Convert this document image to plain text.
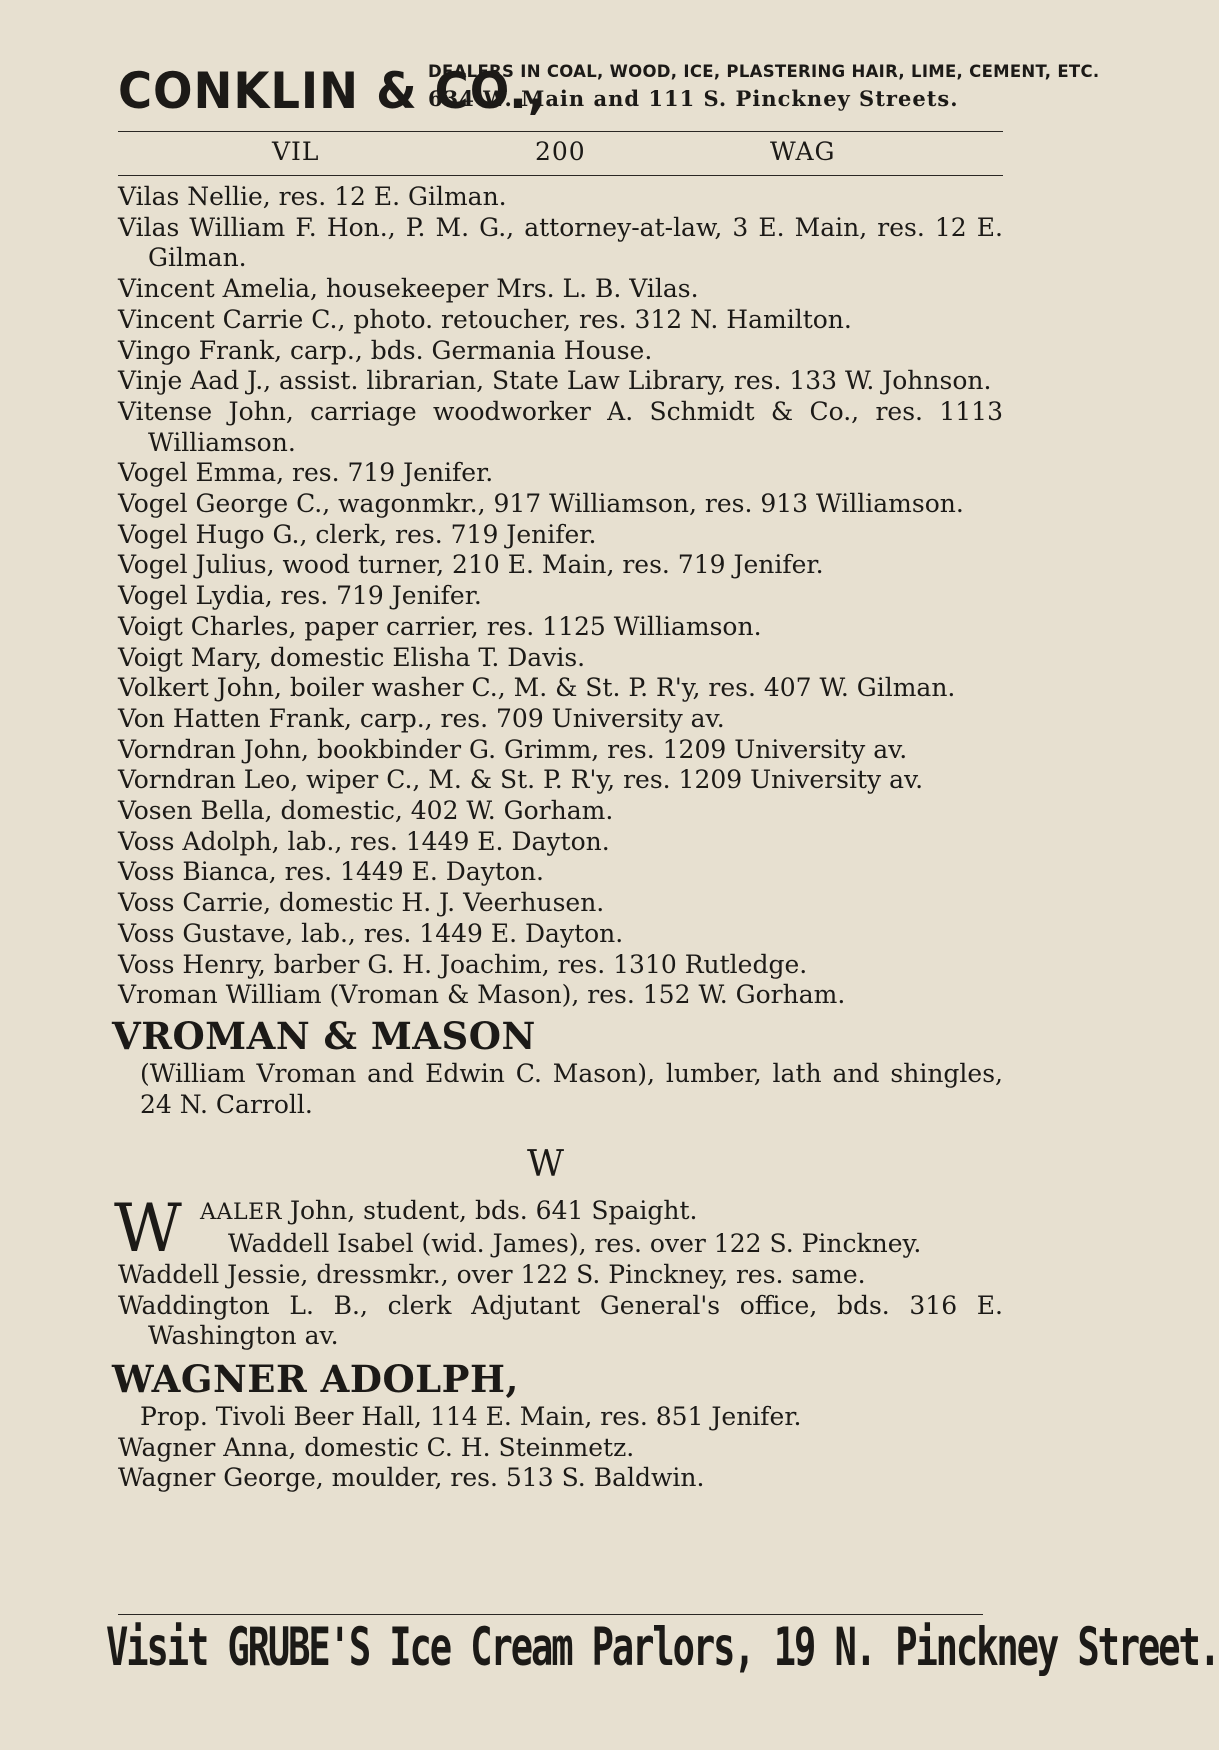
CONKLIN & CO.,
DEALERS IN COAL, WOOD, ICE, PLASTERING HAIR, LIME, CEMENT, ETC.
634 W. Main and 111 S. Pinckney Streets.
VIL	200	WAG
Vilas Nellie, res. 12 E. Gilman.
Vilas William F. Hon., P. M. G., attorney-at-law, 3 E. Main, res. 12 E. Gilman.
Vincent Amelia, housekeeper Mrs. L. B. Vilas.
Vincent Carrie C., photo. retoucher, res. 312 N. Hamilton.
Vingo Frank, carp., bds. Germania House.
Vinje Aad J., assist. librarian, State Law Library, res. 133 W. Johnson.
Vitense John, carriage woodworker A. Schmidt & Co., res. 1113 Williamson.
Vogel Emma, res. 719 Jenifer.
Vogel George C., wagonmkr., 917 Williamson, res. 913 Williamson.
Vogel Hugo G., clerk, res. 719 Jenifer.
Vogel Julius, wood turner, 210 E. Main, res. 719 Jenifer.
Vogel Lydia, res. 719 Jenifer.
Voigt Charles, paper carrier, res. 1125 Williamson.
Voigt Mary, domestic Elisha T. Davis.
Volkert John, boiler washer C., M. & St. P. R'y, res. 407 W. Gilman.
Von Hatten Frank, carp., res. 709 University av.
Vorndran John, bookbinder G. Grimm, res. 1209 University av.
Vorndran Leo, wiper C., M. & St. P. R'y, res. 1209 University av.
Vosen Bella, domestic, 402 W. Gorham.
Voss Adolph, lab., res. 1449 E. Dayton.
Voss Bianca, res. 1449 E. Dayton.
Voss Carrie, domestic H. J. Veerhusen.
Voss Gustave, lab., res. 1449 E. Dayton.
Voss Henry, barber G. H. Joachim, res. 1310 Rutledge.
Vroman William (Vroman & Mason), res. 152 W. Gorham.
VROMAN & MASON
(William Vroman and Edwin C. Mason), lumber, lath and shingles, 24 N. Carroll.
W
W AALER John, student, bds. 641 Spaight.
Waddell Isabel (wid. James), res. over 122 S. Pinckney.
Waddell Jessie, dressmkr., over 122 S. Pinckney, res. same.
Waddington L. B., clerk Adjutant General's office, bds. 316 E. Washington av.
WAGNER ADOLPH,
Prop. Tivoli Beer Hall, 114 E. Main, res. 851 Jenifer.
Wagner Anna, domestic C. H. Steinmetz.
Wagner George, moulder, res. 513 S. Baldwin.
Visit GRUBE'S Ice Cream Parlors, 19 N. Pinckney Street.
